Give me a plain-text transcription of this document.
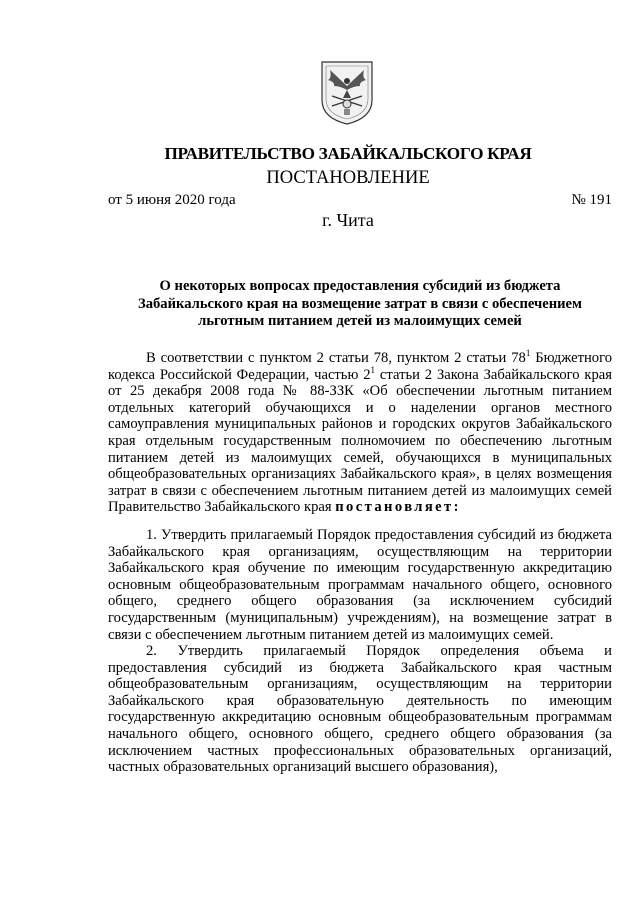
ПРАВИТЕЛЬСТВО ЗАБАЙКАЛЬСКОГО КРАЯ
ПОСТАНОВЛЕНИЕ
от 5 июня 2020 года	№ 191
г. Чита
О некоторых вопросах предоставления субсидий из бюджета Забайкальского края на возмещение затрат в связи с обеспечением льготным питанием детей из малоимущих семей

В соответствии с пунктом 2 статьи 78, пунктом 2 статьи $78^1$ Бюджетного кодекса Российской Федерации, частью $2^1$ статьи 2 Закона Забайкальского края от 25 декабря 2008 года № 88-ЗЗК «Об обеспечении льготным питанием отдельных категорий обучающихся и о наделении органов местного самоуправления муниципальных районов и городских округов Забайкальского края отдельным государственным полномочием по обеспечению льготным питанием детей из малоимущих семей, обучающихся в муниципальных общеобразовательных организациях Забайкальского края», в целях возмещения затрат в связи с обеспечением льготным питанием детей из малоимущих семей Правительство Забайкальского края постановляет:

1. Утвердить прилагаемый Порядок предоставления субсидий из бюджета Забайкальского края организациям, осуществляющим на территории Забайкальского края обучение по имеющим государственную аккредитацию основным общеобразовательным программам начального общего, основного общего, среднего общего образования (за исключением субсидий государственным (муниципальным) учреждениям), на возмещение затрат в связи с обеспечением льготным питанием детей из малоимущих семей.

2. Утвердить прилагаемый Порядок определения объема и предоставления субсидий из бюджета Забайкальского края частным общеобразовательным организациям, осуществляющим на территории Забайкальского края образовательную деятельность по имеющим государственную аккредитацию основным общеобразовательным программам начального общего, основного общего, среднего общего образования (за исключением частных профессиональных образовательных организаций, частных образовательных организаций высшего образования),
